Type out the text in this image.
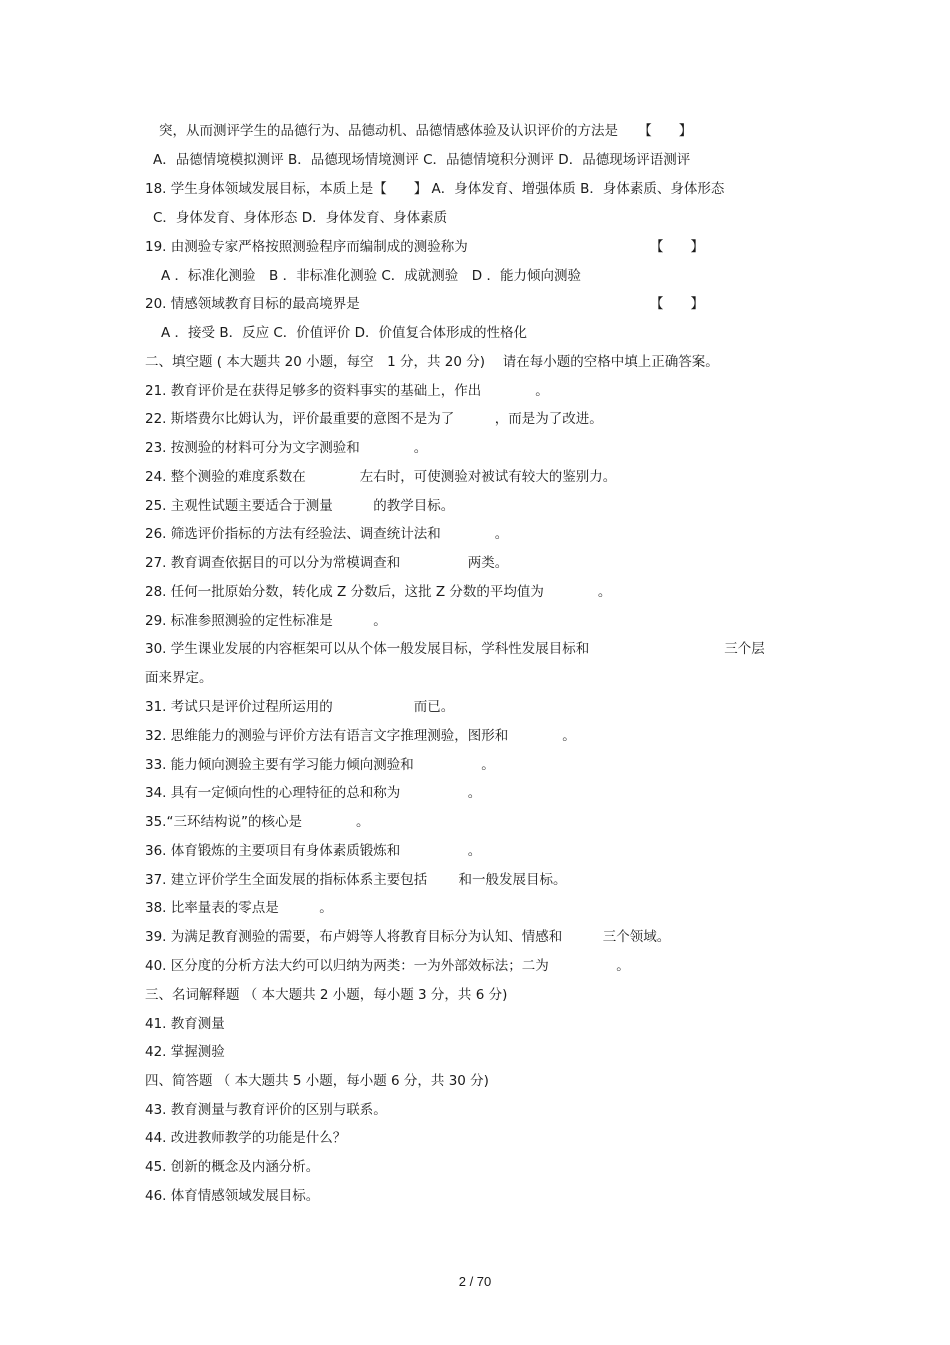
突，从而测评学生的品德行为、品德动机、品德情感体验及认识评价的方法是　　【　　】

A．品德情境模拟测评 B．品德现场情境测评 C．品德情境积分测评 D．品德现场评语测评

18. 学生身体领域发展目标，本质上是【　　】 A．身体发育、增强体质 B．身体素质、身体形态

C．身体发育、身体形态 D．身体发育、身体素质

19. 由测验专家严格按照测验程序而编制成的测验称为　　　　　　　　　　　　　　【　　】

A ．标准化测验　B ．非标准化测验 C．成就测验　D ．能力倾向测验

20. 情感领域教育目标的最高境界是　　　　　　　　　　　　　　　　　　　　　　【　　】

A ．接受 B．反应 C．价值评价 D．价值复合体形成的性格化

二、填空题 ( 本大题共 20 小题，每空　1 分，共 20 分)　 请在每小题的空格中填上正确答案。

21. 教育评价是在获得足够多的资料事实的基础上，作出　　　　。

22. 斯塔费尔比姆认为，评价最重要的意图不是为了　　　，而是为了改进。

23. 按测验的材料可分为文字测验和　　　　。

24. 整个测验的难度系数在　　　　左右时，可使测验对被试有较大的鉴别力。

25. 主观性试题主要适合于测量　　　的教学目标。

26. 筛选评价指标的方法有经验法、调查统计法和　　　　。

27. 教育调查依据目的可以分为常模调查和　　　　　两类。

28. 任何一批原始分数，转化成 Z 分数后，这批 Z 分数的平均值为　　　　。

29. 标准参照测验的定性标准是　　　。

30. 学生课业发展的内容框架可以从个体一般发展目标，学科性发展目标和　　　　　　　　　　三个层

面来界定。

31. 考试只是评价过程所运用的　　　　　　而已。

32. 思维能力的测验与评价方法有语言文字推理测验，图形和　　　　。

33. 能力倾向测验主要有学习能力倾向测验和　　　　　。

34. 具有一定倾向性的心理特征的总和称为　　　　　。

35.“三环结构说”的核心是　　　　。

36. 体育锻炼的主要项目有身体素质锻炼和　　　　　。

37. 建立评价学生全面发展的指标体系主要包括　　 和一般发展目标。

38. 比率量表的零点是　　　。

39. 为满足教育测验的需要，布卢姆等人将教育目标分为认知、情感和　　　三个领域。

40. 区分度的分析方法大约可以归纳为两类：一为外部效标法；二为　　　　　。

三、名词解释题 （ 本大题共 2 小题，每小题 3 分，共 6 分)

41. 教育测量

42. 掌握测验

四、简答题 （ 本大题共 5 小题，每小题 6 分，共 30 分)

43. 教育测量与教育评价的区别与联系。

44. 改进教师教学的功能是什么？

45. 创新的概念及内涵分析。

46. 体育情感领域发展目标。

2 / 70
